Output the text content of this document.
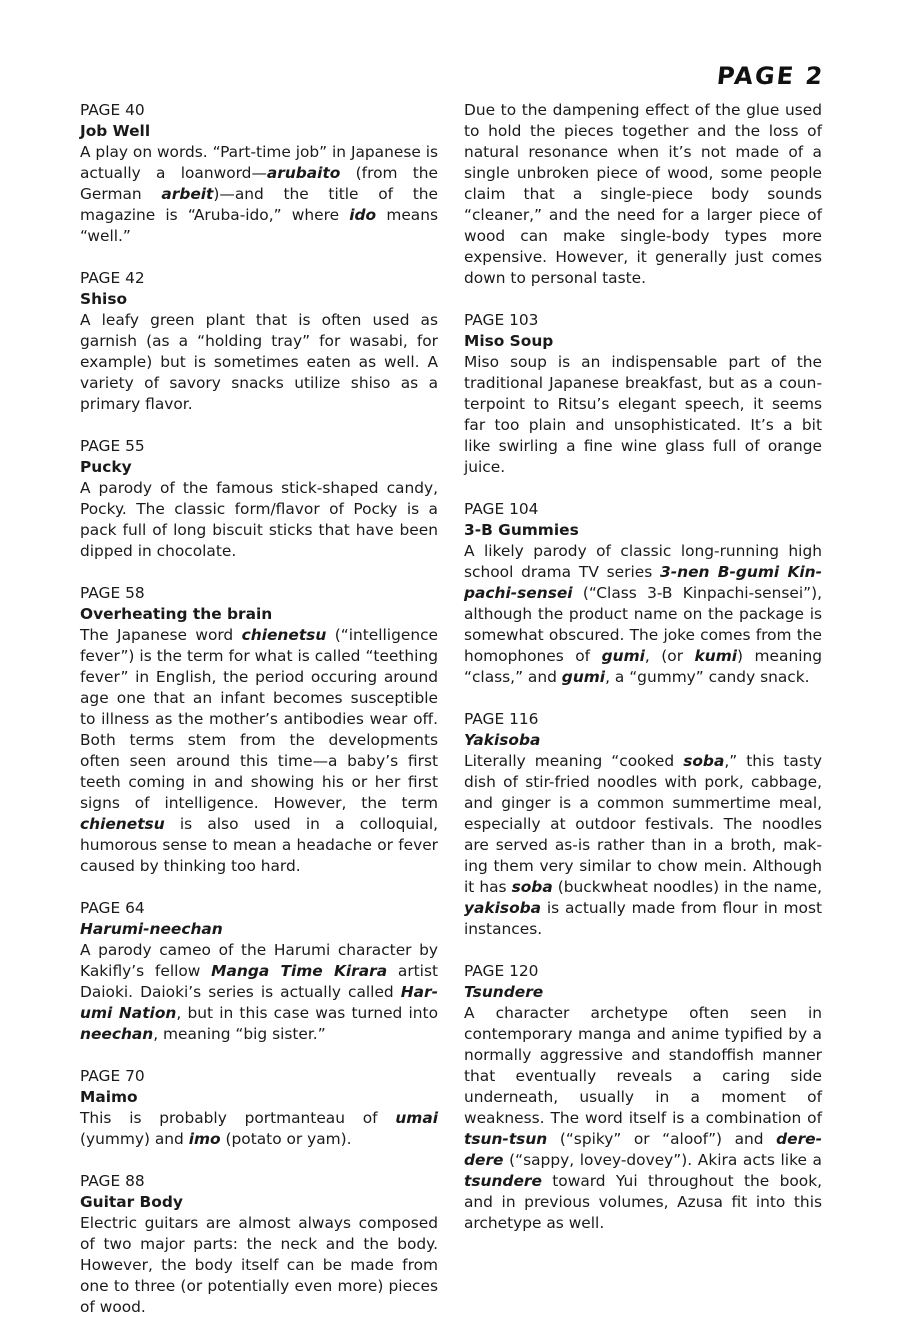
PAGE 2
PAGE 40
Job Well

A play on words. “Part-time job” in Japanese is actually a loanword—arubaito (from the German arbeit)—and the title of the magazine is “Aruba-ido,” where ido means “well.”

PAGE 42
Shiso

A leafy green plant that is often used as garnish (as a “holding tray” for wasabi, for example) but is sometimes eaten as well. A variety of savory snacks utilize shiso as a primary flavor.

PAGE 55
Pucky

A parody of the famous stick-shaped candy, Pocky. The classic form/flavor of Pocky is a pack full of long biscuit sticks that have been dipped in chocolate.

PAGE 58
Overheating the brain

The Japanese word chienetsu (“intelligence fever”) is the term for what is called “teething fever” in English, the period occuring around age one that an infant becomes susceptible to illness as the mother’s antibodies wear off. Both terms stem from the developments often seen around this time—a baby’s first teeth coming in and showing his or her first signs of intelligence. However, the term chienetsu is also used in a colloquial, humorous sense to mean a headache or fever caused by thinking too hard.

PAGE 64
Harumi-neechan

A parody cameo of the Harumi character by Kakifly’s fellow Manga Time Kirara artist Daioki. Daioki’s series is actually called Harumi Nation, but in this case was turned into neechan, meaning “big sister.”

PAGE 70
Maimo

This is probably portmanteau of umai (yummy) and imo (potato or yam).

PAGE 88
Guitar Body

Electric guitars are almost always composed of two major parts: the neck and the body. However, the body itself can be made from one to three (or potentially even more) pieces of wood.

Due to the dampening effect of the glue used to hold the pieces together and the loss of natural resonance when it’s not made of a single unbroken piece of wood, some people claim that a single-piece body sounds “cleaner,” and the need for a larger piece of wood can make single-body types more expensive. However, it generally just comes down to personal taste.

PAGE 103
Miso Soup

Miso soup is an indispensable part of the traditional Japanese breakfast, but as a counterpoint to Ritsu’s elegant speech, it seems far too plain and unsophisticated. It’s a bit like swirling a fine wine glass full of orange juice.

PAGE 104
3-B Gummies

A likely parody of classic long-running high school drama TV series 3-nen B-gumi Kinpachi-sensei (“Class 3-B Kinpachi-sensei”), although the product name on the package is somewhat obscured. The joke comes from the homophones of gumi, (or kumi) meaning “class,” and gumi, a “gummy” candy snack.

PAGE 116
Yakisoba

Literally meaning “cooked soba,” this tasty dish of stir-fried noodles with pork, cabbage, and ginger is a common summertime meal, especially at outdoor festivals. The noodles are served as-is rather than in a broth, making them very similar to chow mein. Although it has soba (buckwheat noodles) in the name, yakisoba is actually made from flour in most instances.

PAGE 120
Tsundere

A character archetype often seen in contemporary manga and anime typified by a normally aggressive and standoffish manner that eventually reveals a caring side underneath, usually in a moment of weakness. The word itself is a combination of tsun-tsun (“spiky” or “aloof”) and dere-dere (“sappy, lovey-dovey”). Akira acts like a tsundere toward Yui throughout the book, and in previous volumes, Azusa fit into this archetype as well.
